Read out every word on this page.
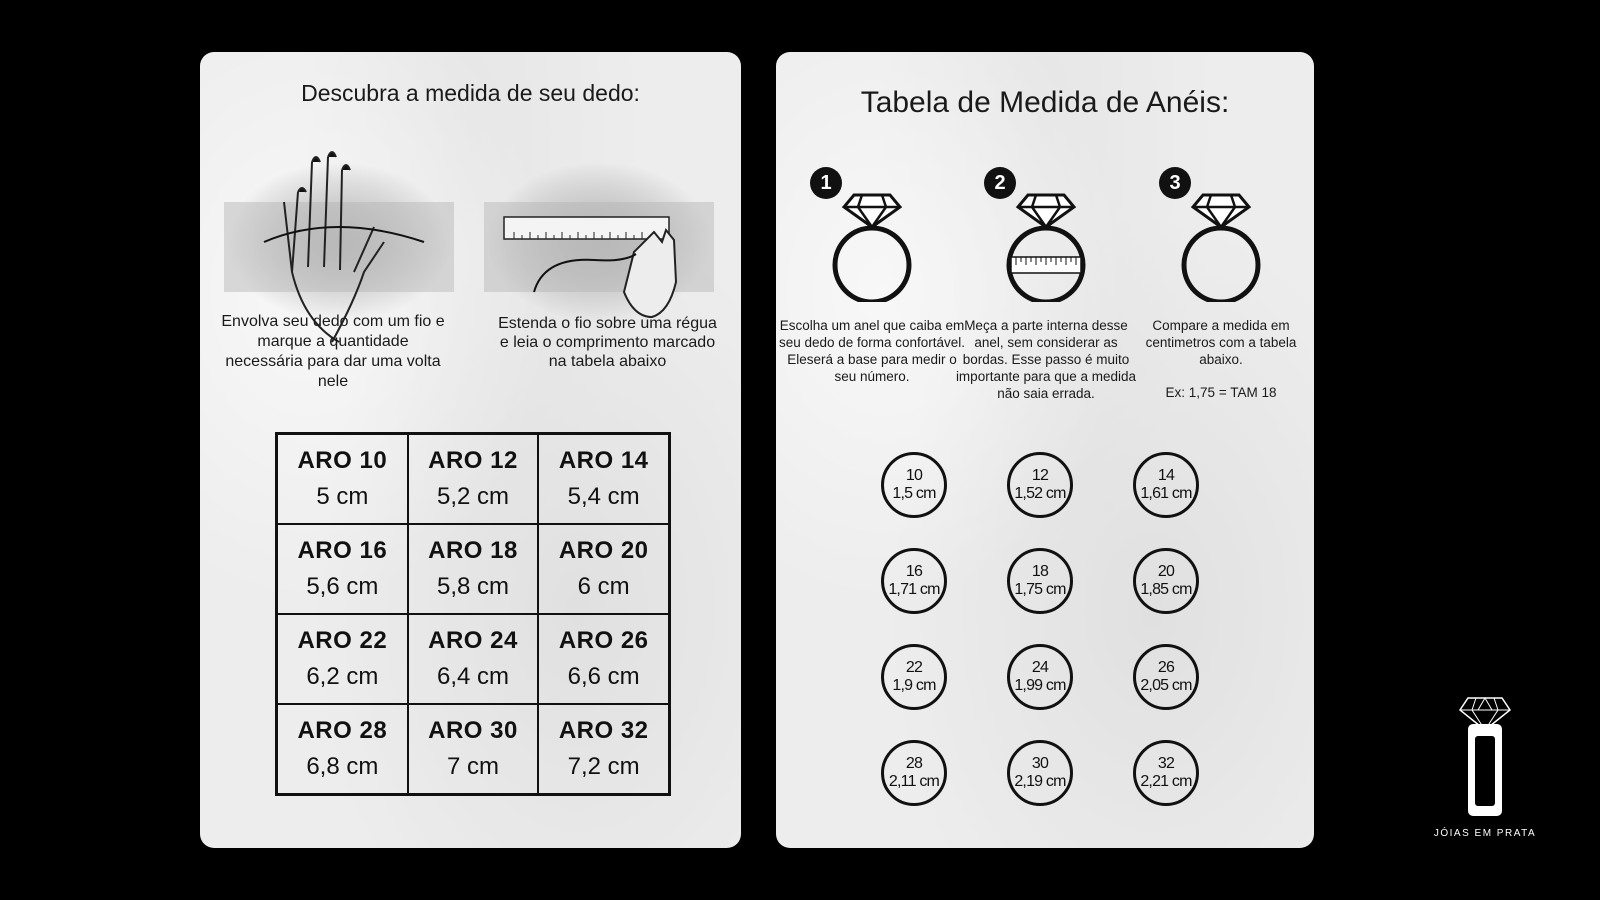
Descubra a medida de seu dedo:
Envolva seu dedo com um fio e marque a quantidade necessária para dar uma volta nele
Estenda o fio sobre uma régua e leia o comprimento marcado na tabela abaixo
ARO 10
5 cm
ARO 12
5,2 cm
ARO 14
5,4 cm
ARO 16
5,6 cm
ARO 18
5,8 cm
ARO 20
6 cm
ARO 22
6,2 cm
ARO 24
6,4 cm
ARO 26
6,6 cm
ARO 28
6,8 cm
ARO 30
7 cm
ARO 32
7,2 cm
Tabela de Medida de Anéis:
1
Escolha um anel que caiba em seu dedo de forma confortável. Eleserá a base para medir o seu número.
2
Meça a parte interna desse anel, sem considerar as bordas. Esse passo é muito importante para que a medida não saia errada.
3
Compare a medida em centimetros com a tabela abaixo.
Ex: 1,75 = TAM 18
10
1,5 cm
12
1,52 cm
14
1,61 cm
16
1,71 cm
18
1,75 cm
20
1,85 cm
22
1,9 cm
24
1,99 cm
26
2,05 cm
28
2,11 cm
30
2,19 cm
32
2,21 cm
JÓIAS EM PRATA
